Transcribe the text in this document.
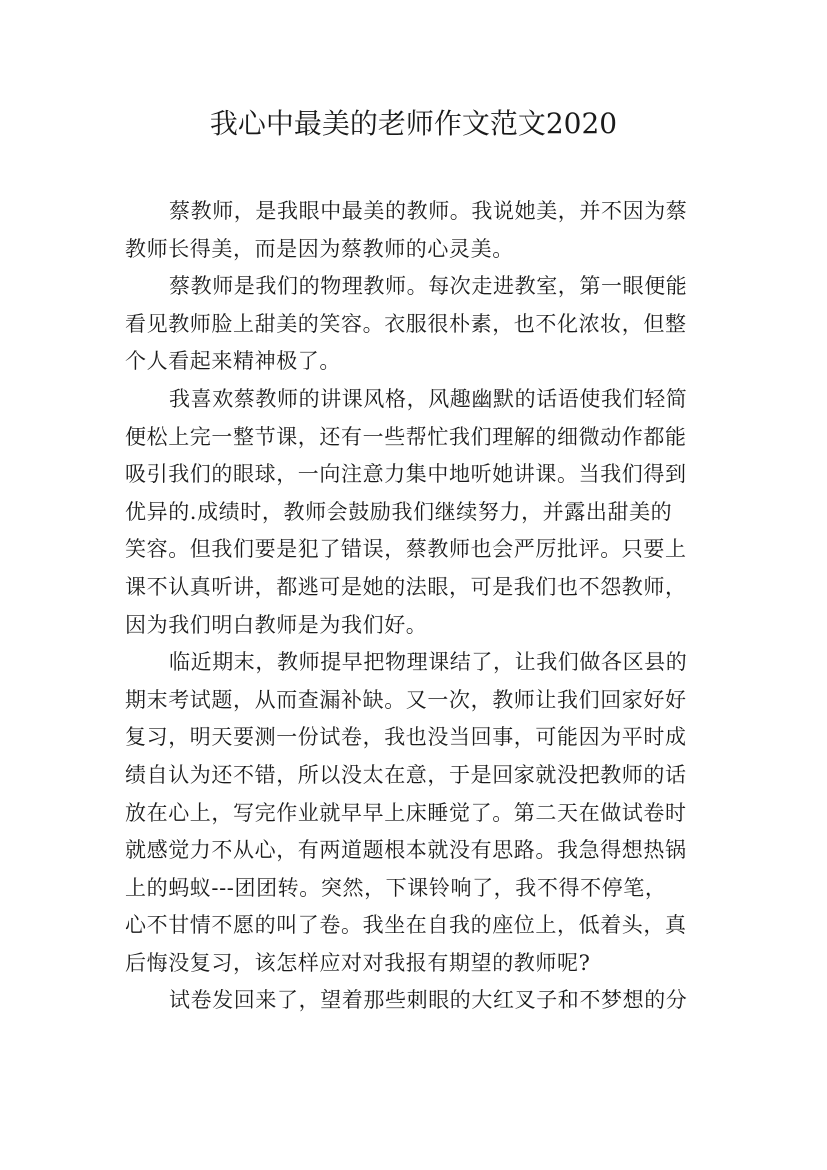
我心中最美的老师作文范文2020
蔡教师，是我眼中最美的教师。我说她美，并不因为蔡
教师长得美，而是因为蔡教师的心灵美。
蔡教师是我们的物理教师。每次走进教室，第一眼便能
看见教师脸上甜美的笑容。衣服很朴素，也不化浓妆，但整
个人看起来精神极了。
我喜欢蔡教师的讲课风格，风趣幽默的话语使我们轻简
便松上完一整节课，还有一些帮忙我们理解的细微动作都能
吸引我们的眼球，一向注意力集中地听她讲课。当我们得到
优异的.成绩时，教师会鼓励我们继续努力，并露出甜美的
笑容。但我们要是犯了错误，蔡教师也会严厉批评。只要上
课不认真听讲，都逃可是她的法眼，可是我们也不怨教师，
因为我们明白教师是为我们好。
临近期末，教师提早把物理课结了，让我们做各区县的
期末考试题，从而查漏补缺。又一次，教师让我们回家好好
复习，明天要测一份试卷，我也没当回事，可能因为平时成
绩自认为还不错，所以没太在意，于是回家就没把教师的话
放在心上，写完作业就早早上床睡觉了。第二天在做试卷时
就感觉力不从心，有两道题根本就没有思路。我急得想热锅
上的蚂蚁---团团转。突然，下课铃响了，我不得不停笔，
心不甘情不愿的叫了卷。我坐在自我的座位上，低着头，真
后悔没复习，该怎样应对对我报有期望的教师呢?
试卷发回来了，望着那些刺眼的大红叉子和不梦想的分
